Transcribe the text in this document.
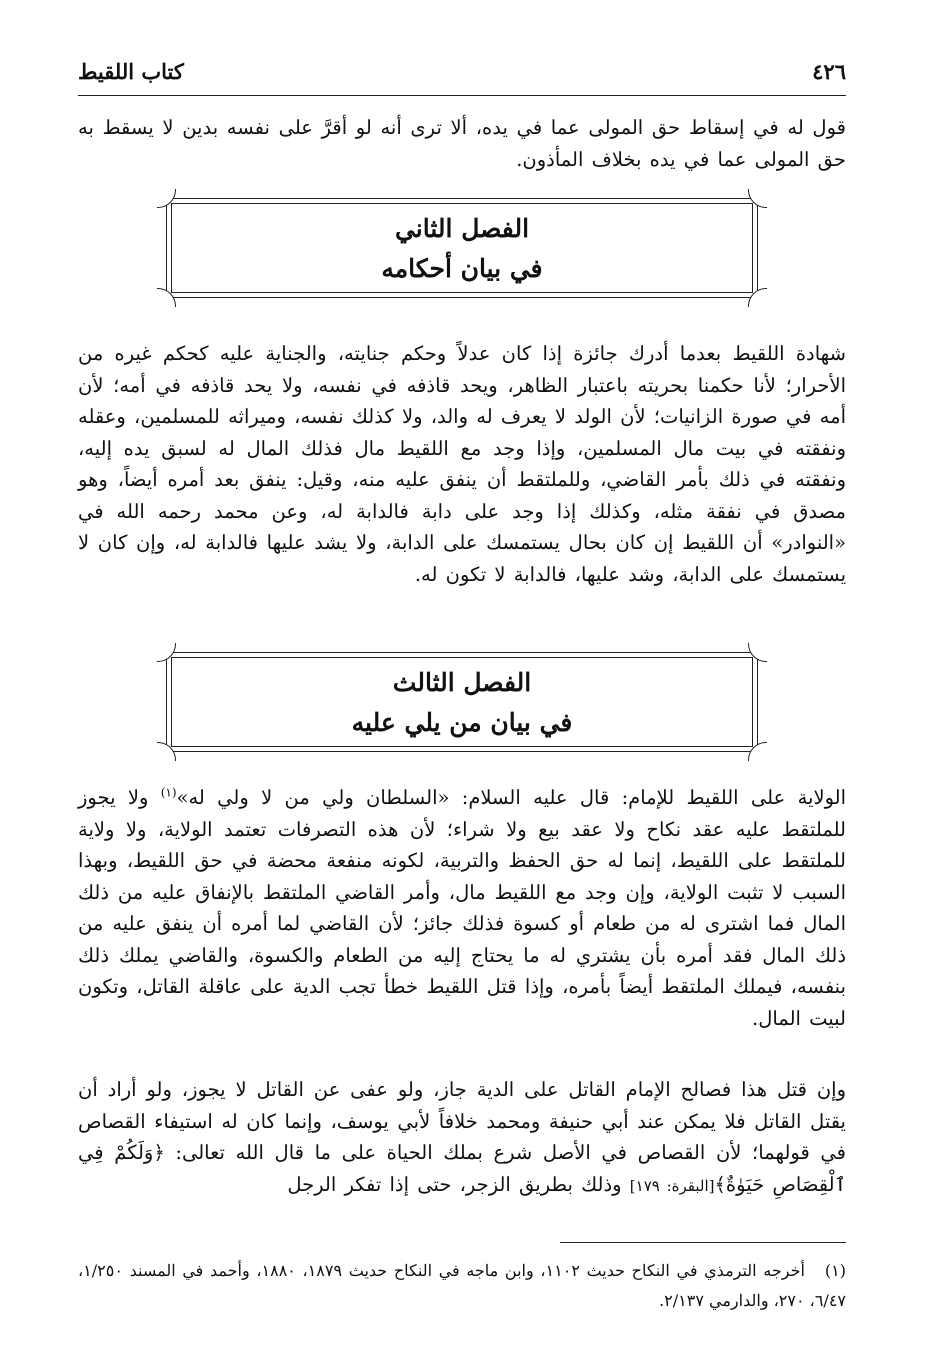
٤٢٦
كتاب اللقيط

قول له في إسقاط حق المولى عما في يده، ألا ترى أنه لو أقرَّ على نفسه بدين لا يسقط به حق المولى عما في يده بخلاف المأذون.

الفصل الثاني
في بيان أحكامه

شهادة اللقيط بعدما أدرك جائزة إذا كان عدلاً وحكم جنايته، والجناية عليه كحكم غيره من الأحرار؛ لأنا حكمنا بحريته باعتبار الظاهر، ويحد قاذفه في نفسه، ولا يحد قاذفه في أمه؛ لأن أمه في صورة الزانيات؛ لأن الولد لا يعرف له والد، ولا كذلك نفسه، وميراثه للمسلمين، وعقله ونفقته في بيت مال المسلمين، وإذا وجد مع اللقيط مال فذلك المال له لسبق يده إليه، ونفقته في ذلك بأمر القاضي، وللملتقط أن ينفق عليه منه، وقيل: ينفق بعد أمره أيضاً، وهو مصدق في نفقة مثله، وكذلك إذا وجد على دابة فالدابة له، وعن محمد رحمه الله في «النوادر» أن اللقيط إن كان بحال يستمسك على الدابة، ولا يشد عليها فالدابة له، وإن كان لا يستمسك على الدابة، وشد عليها، فالدابة لا تكون له.

الفصل الثالث
في بيان من يلي عليه

الولاية على اللقيط للإمام: قال عليه السلام: «السلطان ولي من لا ولي له»$^{(١)}$ ولا يجوز للملتقط عليه عقد نكاح ولا عقد بيع ولا شراء؛ لأن هذه التصرفات تعتمد الولاية، ولا ولاية للملتقط على اللقيط، إنما له حق الحفظ والتربية، لكونه منفعة محضة في حق اللقيط، وبهذا السبب لا تثبت الولاية، وإن وجد مع اللقيط مال، وأمر القاضي الملتقط بالإنفاق عليه من ذلك المال فما اشترى له من طعام أو كسوة فذلك جائز؛ لأن القاضي لما أمره أن ينفق عليه من ذلك المال فقد أمره بأن يشتري له ما يحتاج إليه من الطعام والكسوة، والقاضي يملك ذلك بنفسه، فيملك الملتقط أيضاً بأمره، وإذا قتل اللقيط خطأ تجب الدية على عاقلة القاتل، وتكون لبيت المال.

وإن قتل هذا فصالح الإمام القاتل على الدية جاز، ولو عفى عن القاتل لا يجوز، ولو أراد أن يقتل القاتل فلا يمكن عند أبي حنيفة ومحمد خلافاً لأبي يوسف، وإنما كان له استيفاء القصاص في قولهما؛ لأن القصاص في الأصل شرع بملك الحياة على ما قال الله تعالى: ﴿وَلَكُمْ فِي ٱلْقِصَاصِ حَيَوٰةٌ﴾[البقرة: ١٧٩] وذلك بطريق الزجر، حتى إذا تفكر الرجل

(١)   أخرجه الترمذي في النكاح حديث ١١٠٢، وابن ماجه في النكاح حديث ١٨٧٩، ١٨٨٠، وأحمد في المسند ١/٢٥٠، ٦/٤٧، ٢٧٠، والدارمي ٢/١٣٧.
